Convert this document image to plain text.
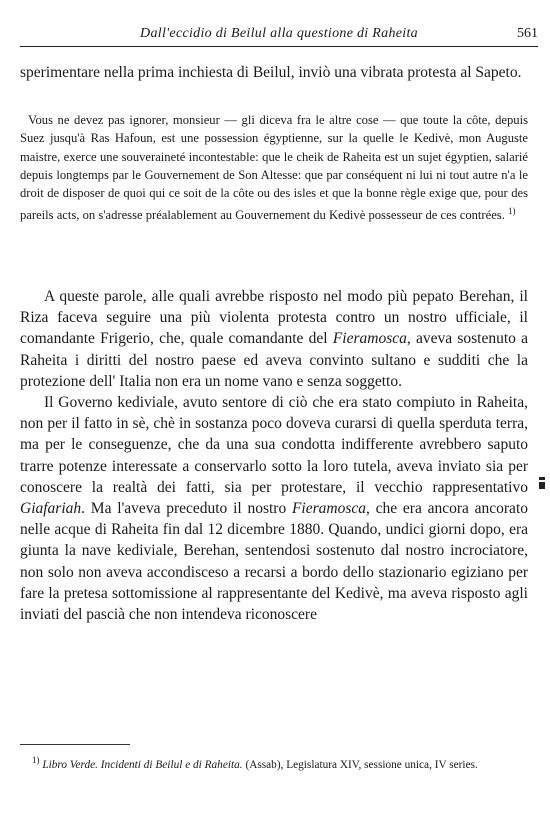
Dall'eccidio di Beilul alla questione di Raheita	561
sperimentare nella prima inchiesta di Beilul, inviò una vibrata protesta al Sapeto.
Vous ne devez pas ignorer, monsieur — gli diceva fra le altre cose — que toute la côte, depuis Suez jusqu'à Ras Hafoun, est une possession égyptienne, sur la quelle le Kedivè, mon Auguste maistre, exerce une souveraineté incontestable: que le cheik de Raheita est un sujet égyptien, salarié depuis longtemps par le Gouvernement de Son Altesse: que par conséquent ni lui ni tout autre n'a le droit de disposer de quoi qui ce soit de la côte ou des isles et que la bonne règle exige que, pour des pareils acts, on s'adresse préalablement au Gouvernement du Kedivè possesseur de ces contrées. $^{1)}$

A queste parole, alle quali avrebbe risposto nel modo più pepato Berehan, il Riza faceva seguire una più violenta protesta contro un nostro ufficiale, il comandante Frigerio, che, quale comandante del Fieramosca, aveva sostenuto a Raheita i diritti del nostro paese ed aveva convinto sultano e sudditi che la protezione dell' Italia non era un nome vano e senza soggetto.

Il Governo kediviale, avuto sentore di ciò che era stato compiuto in Raheita, non per il fatto in sè, chè in sostanza poco doveva curarsi di quella sperduta terra, ma per le conseguenze, che da una sua condotta indifferente avrebbero saputo trarre potenze interessate a conservarlo sotto la loro tutela, aveva inviato sia per conoscere la realtà dei fatti, sia per protestare, il vecchio rappresentativo Giafariah. Ma l'aveva preceduto il nostro Fieramosca, che era ancora ancorato nelle acque di Raheita fin dal 12 dicembre 1880. Quando, undici giorni dopo, era giunta la nave kediviale, Berehan, sentendosi sostenuto dal nostro incrociatore, non solo non aveva accondisceso a recarsi a bordo dello stazionario egiziano per fare la pretesa sottomissione al rappresentante del Kedivè, ma aveva risposto agli inviati del pascià che non intendeva riconoscere

$^{1)}$ Libro Verde. Incidenti di Beilul e di Raheita. (Assab), Legislatura XIV, sessione unica, IV series.
